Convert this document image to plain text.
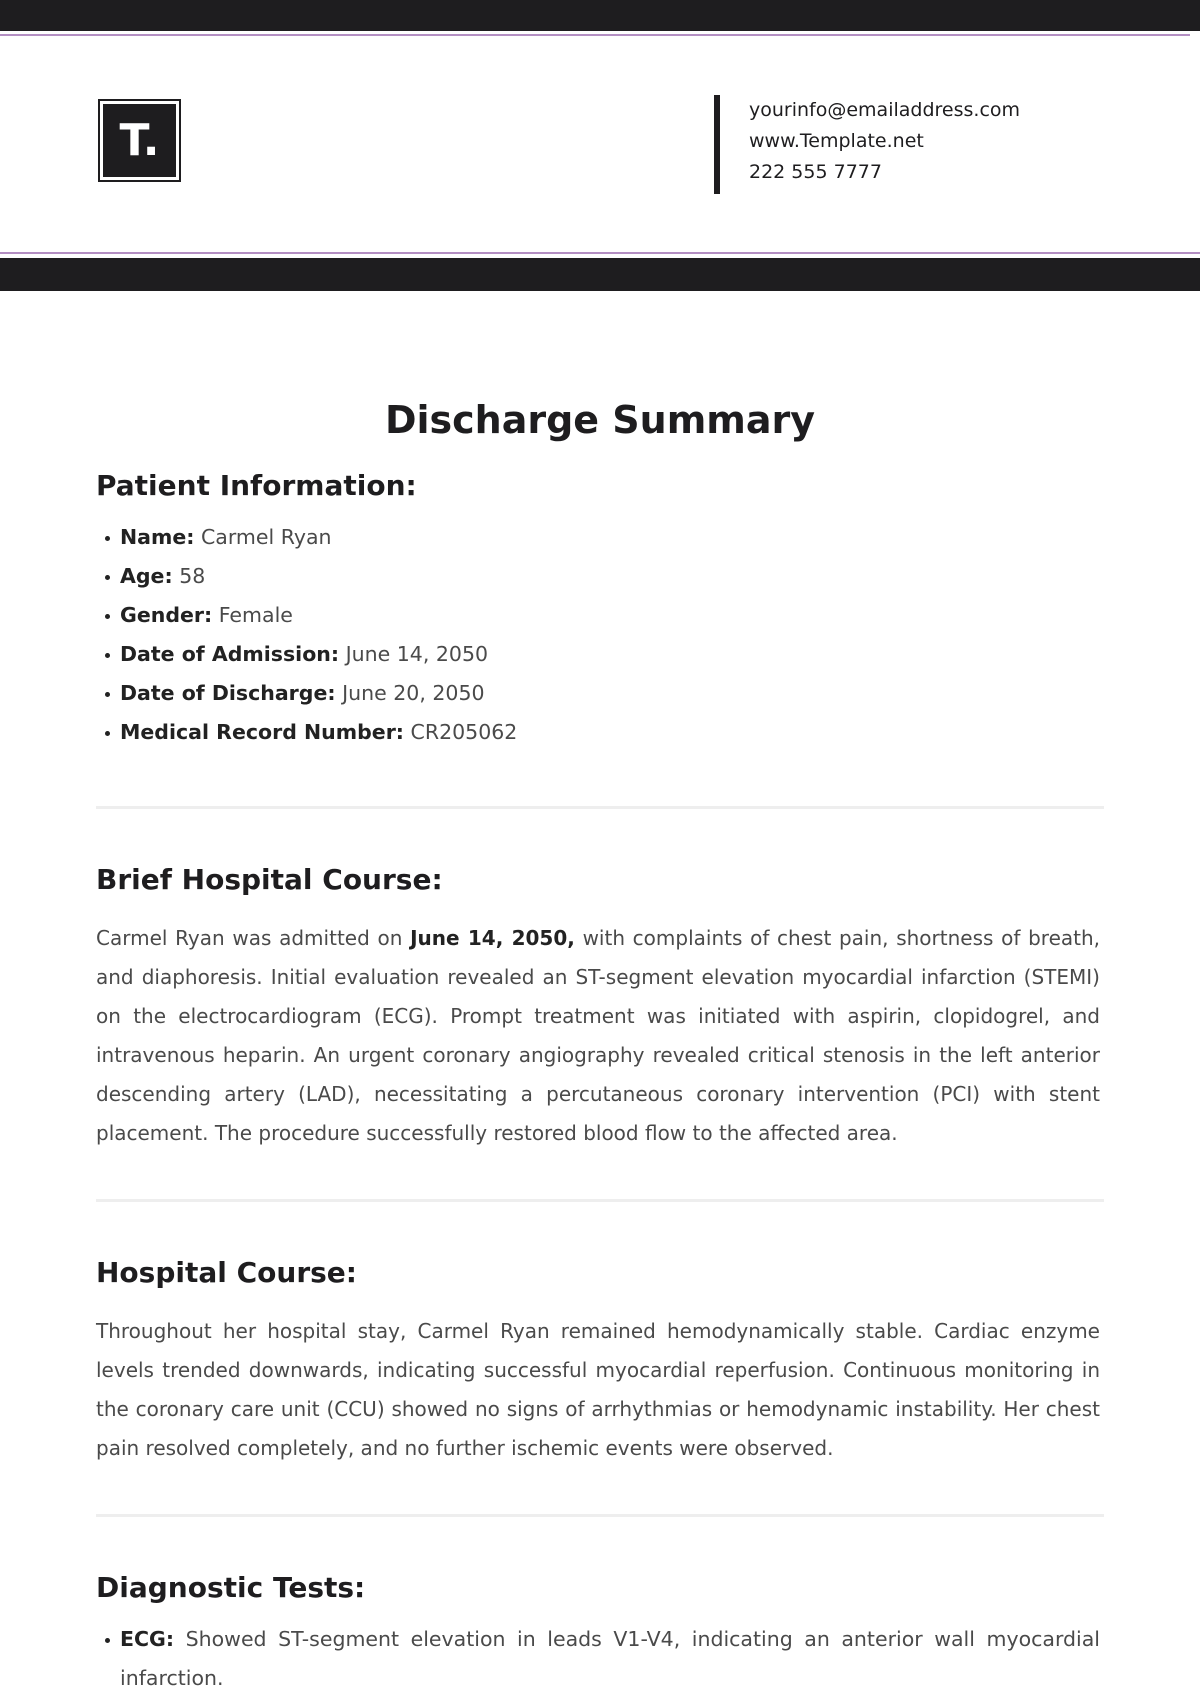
T.
yourinfo@emailaddress.com
www.Template.net
222 555 7777
Discharge Summary
Patient Information:
Name: Carmel Ryan
Age: 58
Gender: Female
Date of Admission: June 14, 2050
Date of Discharge: June 20, 2050
Medical Record Number: CR205062
Brief Hospital Course:

Carmel Ryan was admitted on June 14, 2050, with complaints of chest pain, shortness of breath, and diaphoresis. Initial evaluation revealed an ST-segment elevation myocardial infarction (STEMI) on the electrocardiogram (ECG). Prompt treatment was initiated with aspirin, clopidogrel, and intravenous heparin. An urgent coronary angiography revealed critical stenosis in the left anterior descending artery (LAD), necessitating a percutaneous coronary intervention (PCI) with stent placement. The procedure successfully restored blood flow to the affected area.

Hospital Course:

Throughout her hospital stay, Carmel Ryan remained hemodynamically stable. Cardiac enzyme levels trended downwards, indicating successful myocardial reperfusion. Continuous monitoring in the coronary care unit (CCU) showed no signs of arrhythmias or hemodynamic instability. Her chest pain resolved completely, and no further ischemic events were observed.

Diagnostic Tests:
ECG: Showed ST-segment elevation in leads V1-V4, indicating an anterior wall myocardial infarction.
